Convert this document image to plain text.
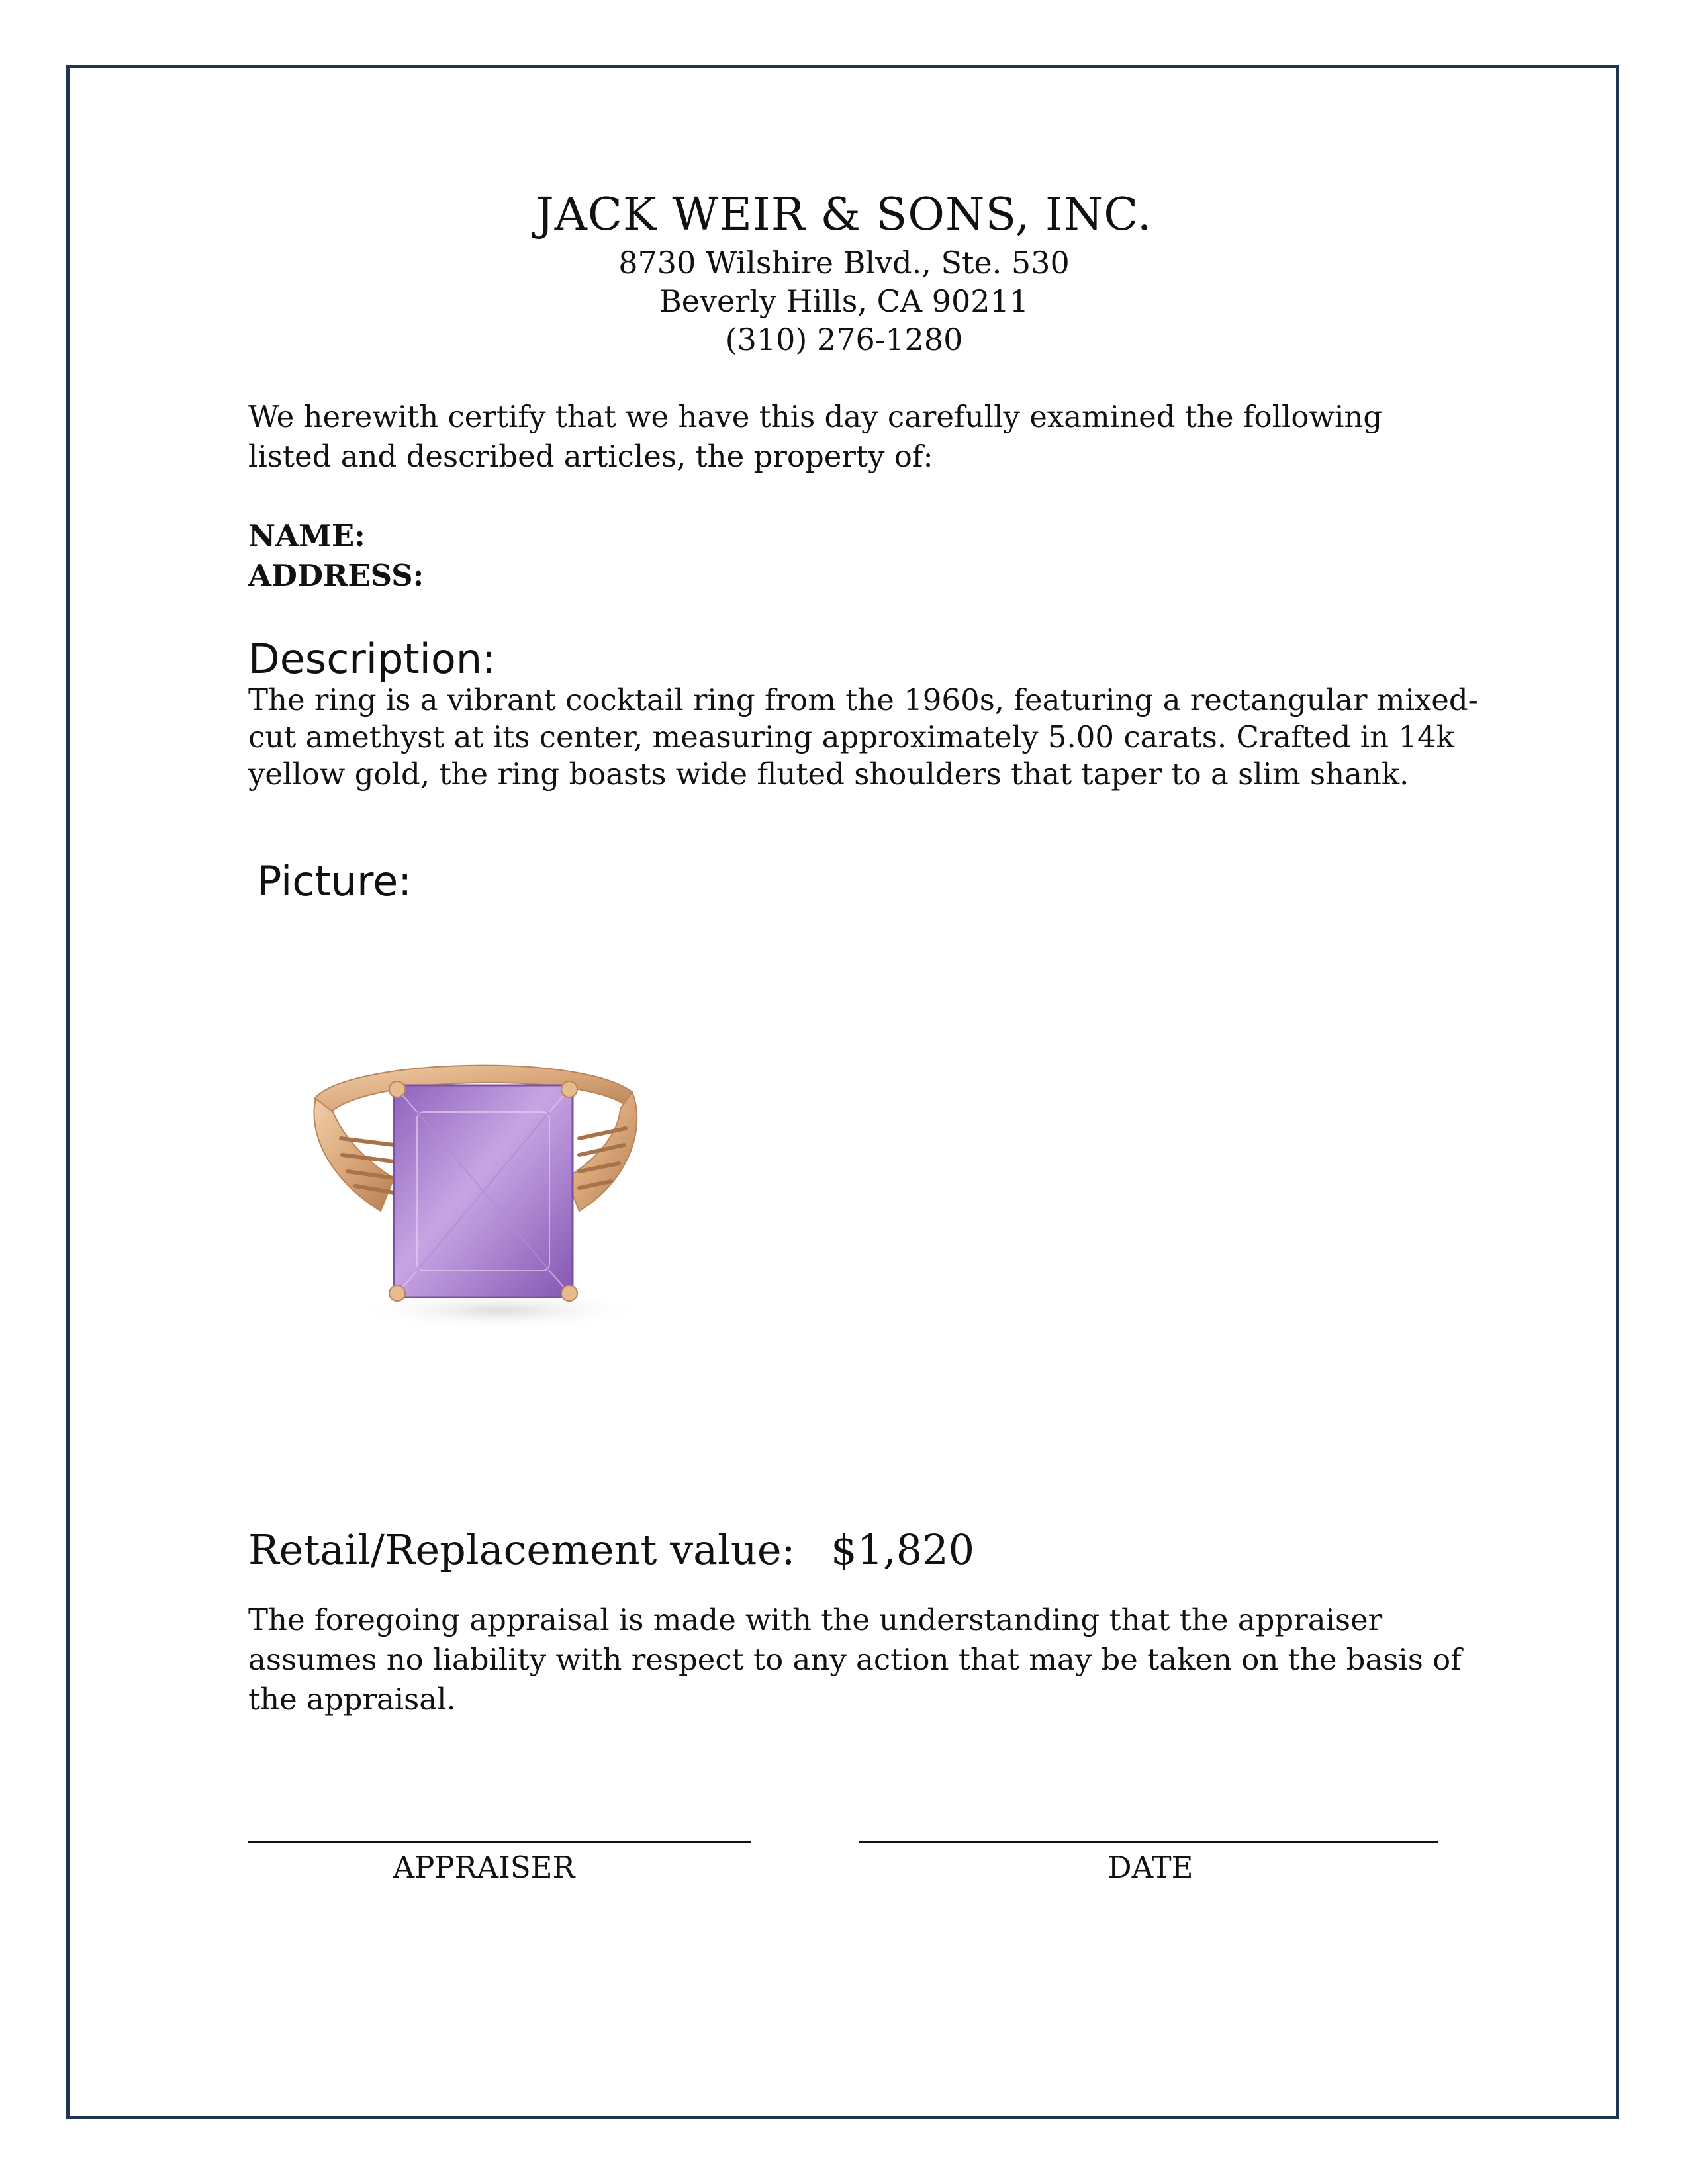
JACK WEIR & SONS, INC.
8730 Wilshire Blvd., Ste. 530
Beverly Hills, CA 90211
(310) 276-1280
We herewith certify that we have this day carefully examined the following listed and described articles, the property of:
NAME:
ADDRESS:
Description:
The ring is a vibrant cocktail ring from the 1960s, featuring a rectangular mixed-cut amethyst at its center, measuring approximately 5.00 carats. Crafted in 14k yellow gold, the ring boasts wide fluted shoulders that taper to a slim shank.
Picture:
Retail/Replacement value: $1,820
The foregoing appraisal is made with the understanding that the appraiser assumes no liability with respect to any action that may be taken on the basis of the appraisal.
APPRAISER	DATE
